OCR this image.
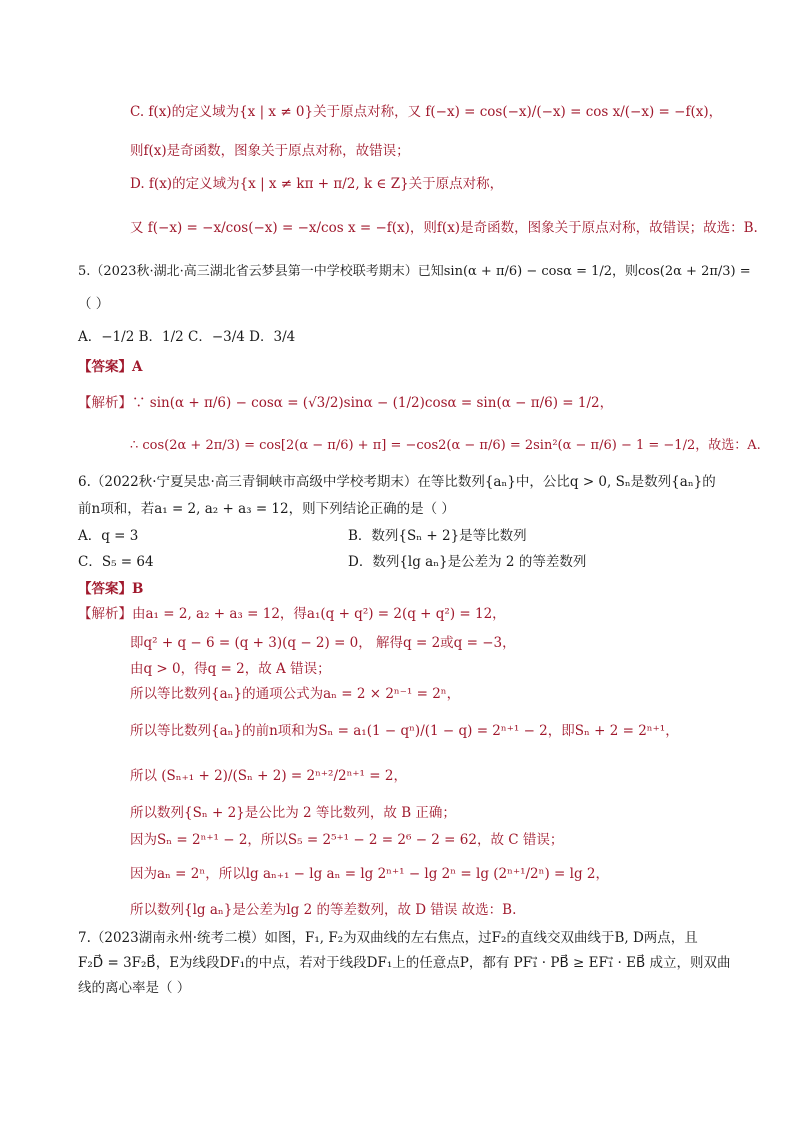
C. f(x)的定义域为{x | x ≠ 0}关于原点对称，又 f(−x) = cos(−x)/(−x) = cos x/(−x) = −f(x)，
则f(x)是奇函数，图象关于原点对称，故错误；
D. f(x)的定义域为{x | x ≠ kπ + π/2, k ∈ Z}关于原点对称，
又 f(−x) = −x/cos(−x) = −x/cos x = −f(x)，则f(x)是奇函数，图象关于原点对称，故错误；故选：B.
5.（2023秋·湖北·高三湖北省云梦县第一中学校联考期末）已知sin(α + π/6) − cosα = 1/2，则cos(2α + 2π/3) =
（ ）
A．−1/2 B．1/2 C．−3/4 D．3/4
【答案】A
【解析】∵ sin(α + π/6) − cosα = (√3/2)sinα − (1/2)cosα = sin(α − π/6) = 1/2，
∴ cos(2α + 2π/3) = cos[2(α − π/6) + π] = −cos2(α − π/6) = 2sin²(α − π/6) − 1 = −1/2，故选：A.
6.（2022秋·宁夏吴忠·高三青铜峡市高级中学校考期末）在等比数列{aₙ}中，公比q > 0, Sₙ是数列{aₙ}的
前n项和，若a₁ = 2, a₂ + a₃ = 12，则下列结论正确的是（ ）
A．q = 3	B．数列{Sₙ + 2}是等比数列
C．S₅ = 64	D．数列{lg aₙ}是公差为 2 的等差数列
【答案】B
【解析】由a₁ = 2, a₂ + a₃ = 12，得a₁(q + q²) = 2(q + q²) = 12，
即q² + q − 6 = (q + 3)(q − 2) = 0， 解得q = 2或q = −3，
由q > 0，得q = 2，故 A 错误；
所以等比数列{aₙ}的通项公式为aₙ = 2 × 2ⁿ⁻¹ = 2ⁿ，
所以等比数列{aₙ}的前n项和为Sₙ = a₁(1 − qⁿ)/(1 − q) = 2ⁿ⁺¹ − 2，即Sₙ + 2 = 2ⁿ⁺¹，
所以 (Sₙ₊₁ + 2)/(Sₙ + 2) = 2ⁿ⁺²/2ⁿ⁺¹ = 2，
所以数列{Sₙ + 2}是公比为 2 等比数列，故 B 正确；
因为Sₙ = 2ⁿ⁺¹ − 2，所以S₅ = 2⁵⁺¹ − 2 = 2⁶ − 2 = 62，故 C 错误；
因为aₙ = 2ⁿ，所以lg aₙ₊₁ − lg aₙ = lg 2ⁿ⁺¹ − lg 2ⁿ = lg (2ⁿ⁺¹/2ⁿ) = lg 2，
所以数列{lg aₙ}是公差为lg 2 的等差数列，故 D 错误 故选：B.
7.（2023湖南永州·统考二模）如图，F₁, F₂为双曲线的左右焦点，过F₂的直线交双曲线于B, D两点，且
F₂D⃗ = 3F₂B⃗，E为线段DF₁的中点，若对于线段DF₁上的任意点P，都有 PF₁⃗ · PB⃗ ≥ EF₁⃗ · EB⃗ 成立，则双曲
线的离心率是（ ）
